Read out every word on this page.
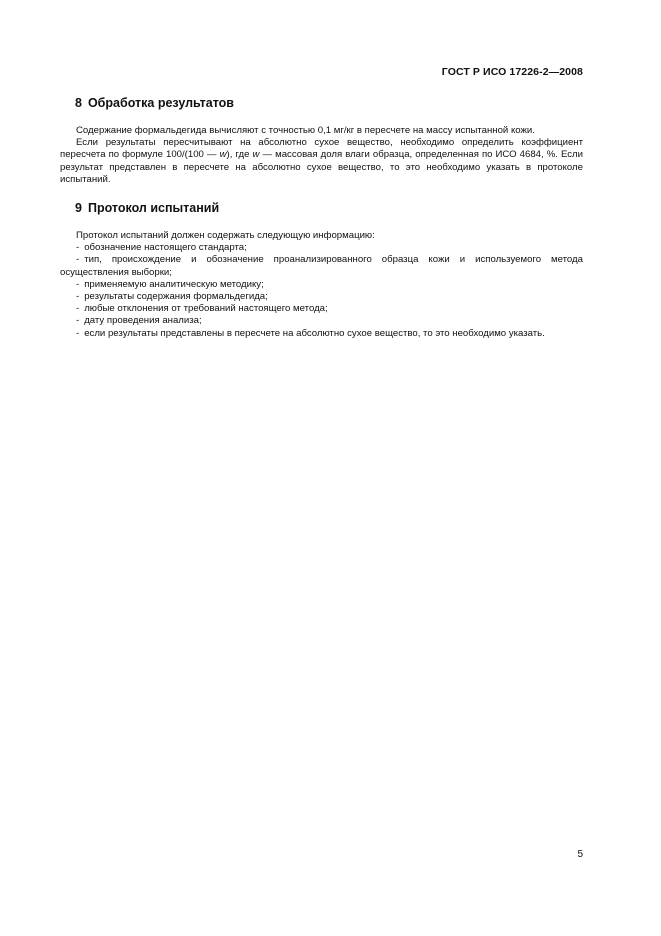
ГОСТ Р ИСО 17226-2—2008
8 Обработка результатов

Содержание формальдегида вычисляют с точностью 0,1 мг/кг в пересчете на массу испытанной кожи.

Если результаты пересчитывают на абсолютно сухое вещество, необходимо определить коэффициент пересчета по формуле 100/(100 — w), где w — массовая доля влаги образца, определенная по ИСО 4684, %. Если результат представлен в пересчете на абсолютно сухое вещество, то это необходимо указать в протоколе испытаний.

9 Протокол испытаний

Протокол испытаний должен содержать следующую информацию:

- обозначение настоящего стандарта;
- тип, происхождение и обозначение проанализированного образца кожи и используемого метода осуществления выборки;
- применяемую аналитическую методику;
- результаты содержания формальдегида;
- любые отклонения от требований настоящего метода;
- дату проведения анализа;
- если результаты представлены в пересчете на абсолютно сухое вещество, то это необходимо указать.
5
